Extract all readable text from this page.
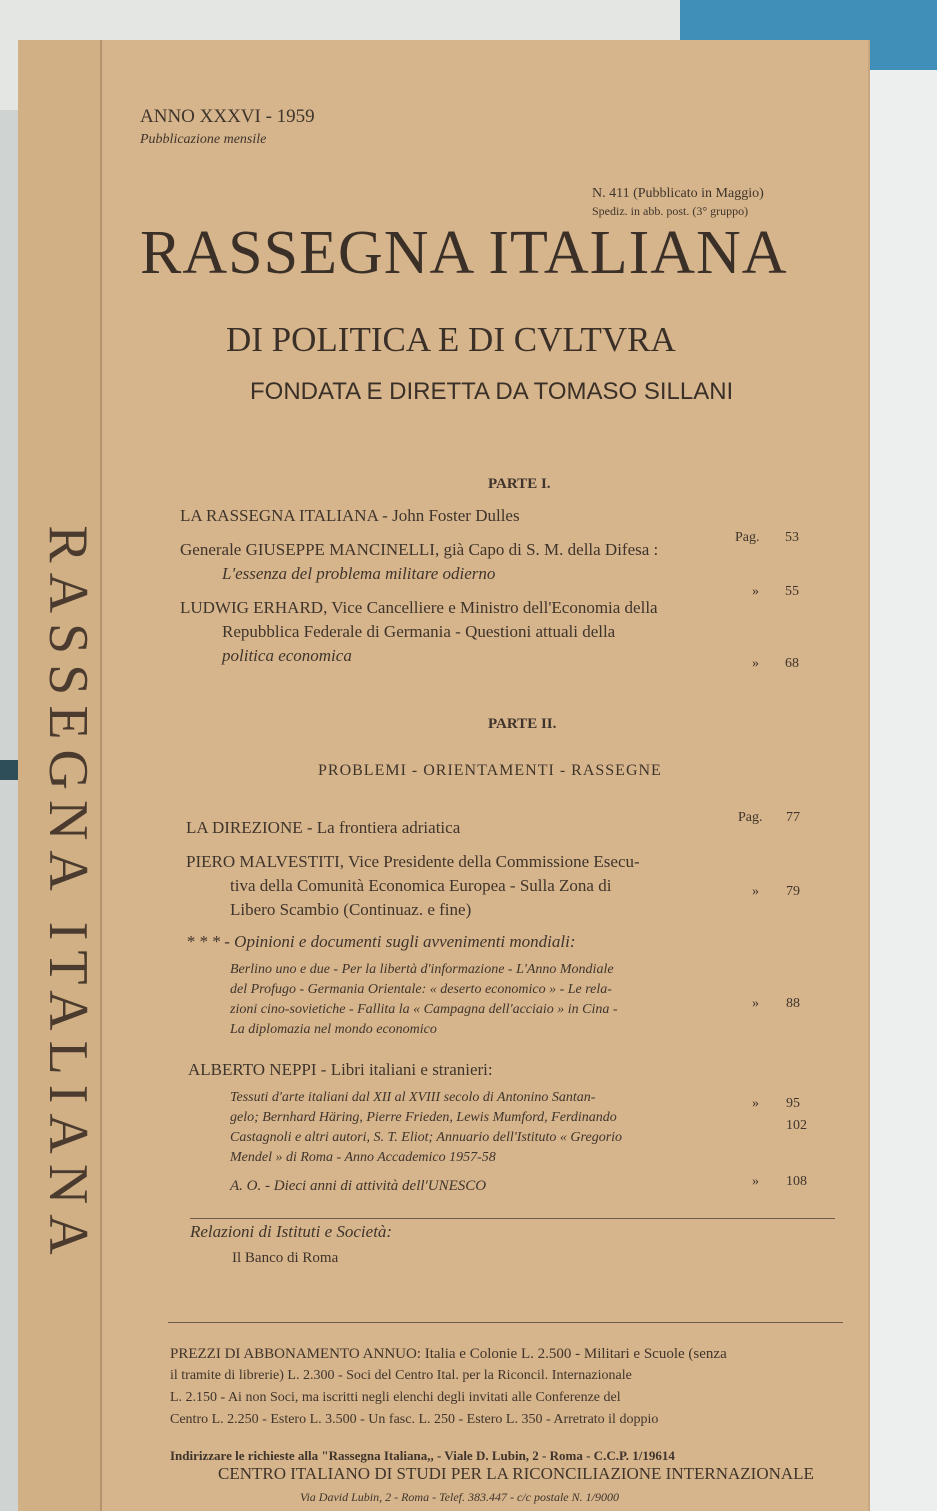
RASSEGNA ITALIANA
ANNO XXXVI - 1959
Pubblicazione mensile
N. 411 (Pubblicato in Maggio)
Spediz. in abb. post. (3° gruppo)
RASSEGNA ITALIANA
DI POLITICA E DI CVLTVRA
FONDATA E DIRETTA DA TOMASO SILLANI
PARTE I.
LA RASSEGNA ITALIANA - John Foster Dulles
Pag. 53
Generale GIUSEPPE MANCINELLI, già Capo di S. M. della Difesa :
L'essenza del problema militare odierno
» 55
LUDWIG ERHARD, Vice Cancelliere e Ministro dell'Economia della
Repubblica Federale di Germania - Questioni attuali della
politica economica	» 68
PARTE II.
PROBLEMI - ORIENTAMENTI - RASSEGNE
LA DIREZIONE - La frontiera adriatica
Pag. 77
PIERO MALVESTITI, Vice Presidente della Commissione Esecu-
tiva della Comunità Economica Europea - Sulla Zona di
Libero Scambio (Continuaz. e fine)
» 79
* * * - Opinioni e documenti sugli avvenimenti mondiali:
Berlino uno e due - Per la libertà d'informazione - L'Anno Mondiale
del Profugo - Germania Orientale: « deserto economico » - Le rela-
zioni cino-sovietiche - Fallita la « Campagna dell'acciaio » in Cina -
La diplomazia nel mondo economico
» 88
ALBERTO NEPPI - Libri italiani e stranieri:
Tessuti d'arte italiani dal XII al XVIII secolo di Antonino Santan-
gelo; Bernhard Häring, Pierre Frieden, Lewis Mumford, Ferdinando
Castagnoli e altri autori, S. T. Eliot; Annuario dell'Istituto « Gregorio
Mendel » di Roma - Anno Accademico 1957-58
» 95
102
A. O. - Dieci anni di attività dell'UNESCO	» 108
Relazioni di Istituti e Società:
Il Banco di Roma
PREZZI DI ABBONAMENTO ANNUO: Italia e Colonie L. 2.500 - Militari e Scuole (senza
il tramite di librerie) L. 2.300 - Soci del Centro Ital. per la Riconcil. Internazionale
L. 2.150 - Ai non Soci, ma iscritti negli elenchi degli invitati alle Conferenze del
Centro L. 2.250 - Estero L. 3.500 - Un fasc. L. 250 - Estero L. 350 - Arretrato il doppio
Indirizzare le richieste alla "Rassegna Italiana,, - Viale D. Lubin, 2 - Roma - C.C.P. 1/19614
CENTRO ITALIANO DI STUDI PER LA RICONCILIAZIONE INTERNAZIONALE
Via David Lubin, 2 - Roma - Telef. 383.447 - c/c postale N. 1/9000
